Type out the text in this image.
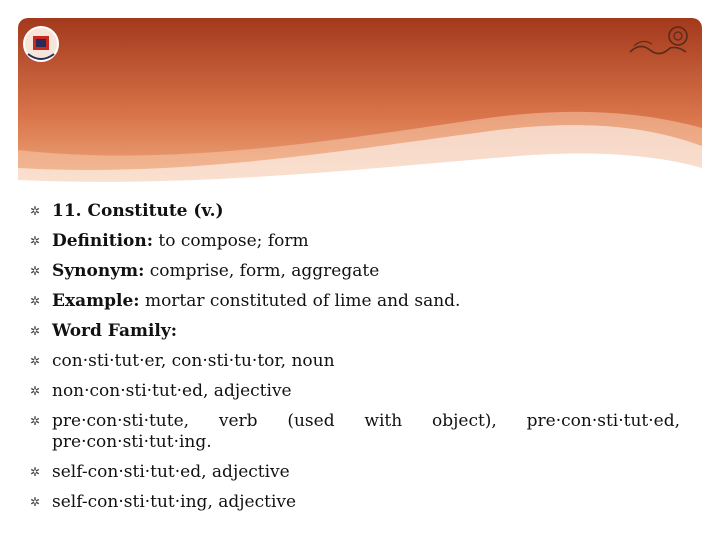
✲ 11. Constitute (v.)
✲ Definition: to compose; form
✲ Synonym: comprise, form, aggregate
✲ Example: mortar constituted of lime and sand.
✲ Word Family:
✲ con·sti·tut·er, con·sti·tu·tor, noun
✲ non·con·sti·tut·ed, adjective
✲ pre·con·sti·tute, verb (used with object), pre·con·sti·tut·ed,
pre·con·sti·tut·ing.
✲ self-con·sti·tut·ed, adjective
✲ self-con·sti·tut·ing, adjective
